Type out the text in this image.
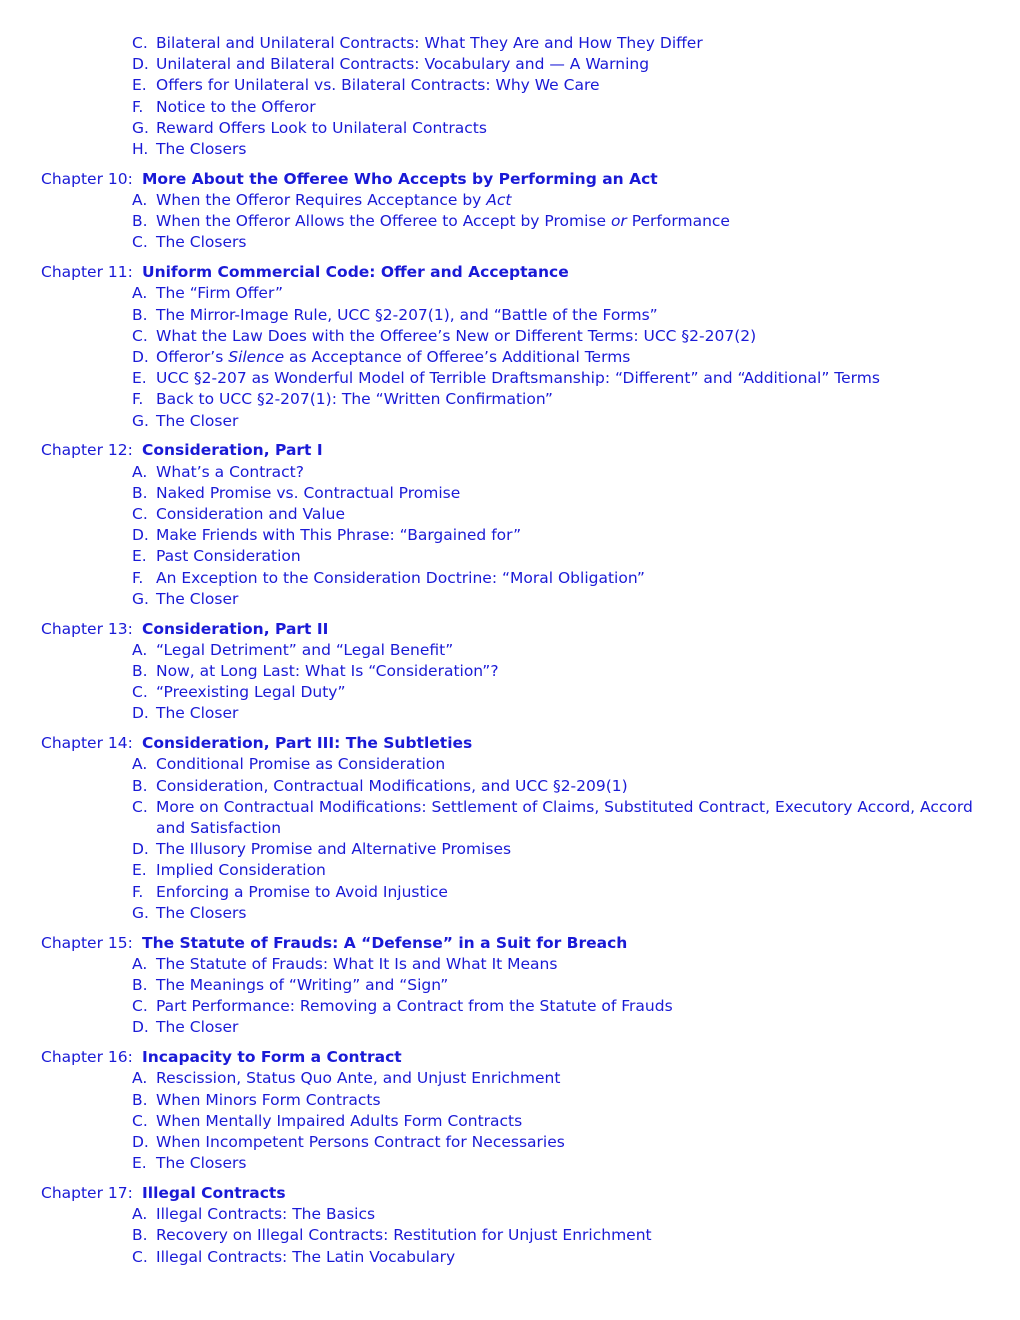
C. Bilateral and Unilateral Contracts: What They Are and How They Differ
D. Unilateral and Bilateral Contracts: Vocabulary and — A Warning
E. Offers for Unilateral vs. Bilateral Contracts: Why We Care
F. Notice to the Offeror
G. Reward Offers Look to Unilateral Contracts
H. The Closers
Chapter 10: More About the Offeree Who Accepts by Performing an Act
A. When the Offeror Requires Acceptance by Act
B. When the Offeror Allows the Offeree to Accept by Promise or Performance
C. The Closers
Chapter 11: Uniform Commercial Code: Offer and Acceptance
A. The “Firm Offer”
B. The Mirror-Image Rule, UCC §2-207(1), and “Battle of the Forms”
C. What the Law Does with the Offeree’s New or Different Terms: UCC §2-207(2)
D. Offeror’s Silence as Acceptance of Offeree’s Additional Terms
E. UCC §2-207 as Wonderful Model of Terrible Draftsmanship: “Different” and “Additional” Terms
F. Back to UCC §2-207(1): The “Written Confirmation”
G. The Closer
Chapter 12: Consideration, Part I
A. What’s a Contract?
B. Naked Promise vs. Contractual Promise
C. Consideration and Value
D. Make Friends with This Phrase: “Bargained for”
E. Past Consideration
F. An Exception to the Consideration Doctrine: “Moral Obligation”
G. The Closer
Chapter 13: Consideration, Part II
A. “Legal Detriment” and “Legal Benefit”
B. Now, at Long Last: What Is “Consideration”?
C. “Preexisting Legal Duty”
D. The Closer
Chapter 14: Consideration, Part III: The Subtleties
A. Conditional Promise as Consideration
B. Consideration, Contractual Modifications, and UCC §2-209(1)
C. More on Contractual Modifications: Settlement of Claims, Substituted Contract, Executory Accord, Accord and Satisfaction
D. The Illusory Promise and Alternative Promises
E. Implied Consideration
F. Enforcing a Promise to Avoid Injustice
G. The Closers
Chapter 15: The Statute of Frauds: A “Defense” in a Suit for Breach
A. The Statute of Frauds: What It Is and What It Means
B. The Meanings of “Writing” and “Sign”
C. Part Performance: Removing a Contract from the Statute of Frauds
D. The Closer
Chapter 16: Incapacity to Form a Contract
A. Rescission, Status Quo Ante, and Unjust Enrichment
B. When Minors Form Contracts
C. When Mentally Impaired Adults Form Contracts
D. When Incompetent Persons Contract for Necessaries
E. The Closers
Chapter 17: Illegal Contracts
A. Illegal Contracts: The Basics
B. Recovery on Illegal Contracts: Restitution for Unjust Enrichment
C. Illegal Contracts: The Latin Vocabulary
